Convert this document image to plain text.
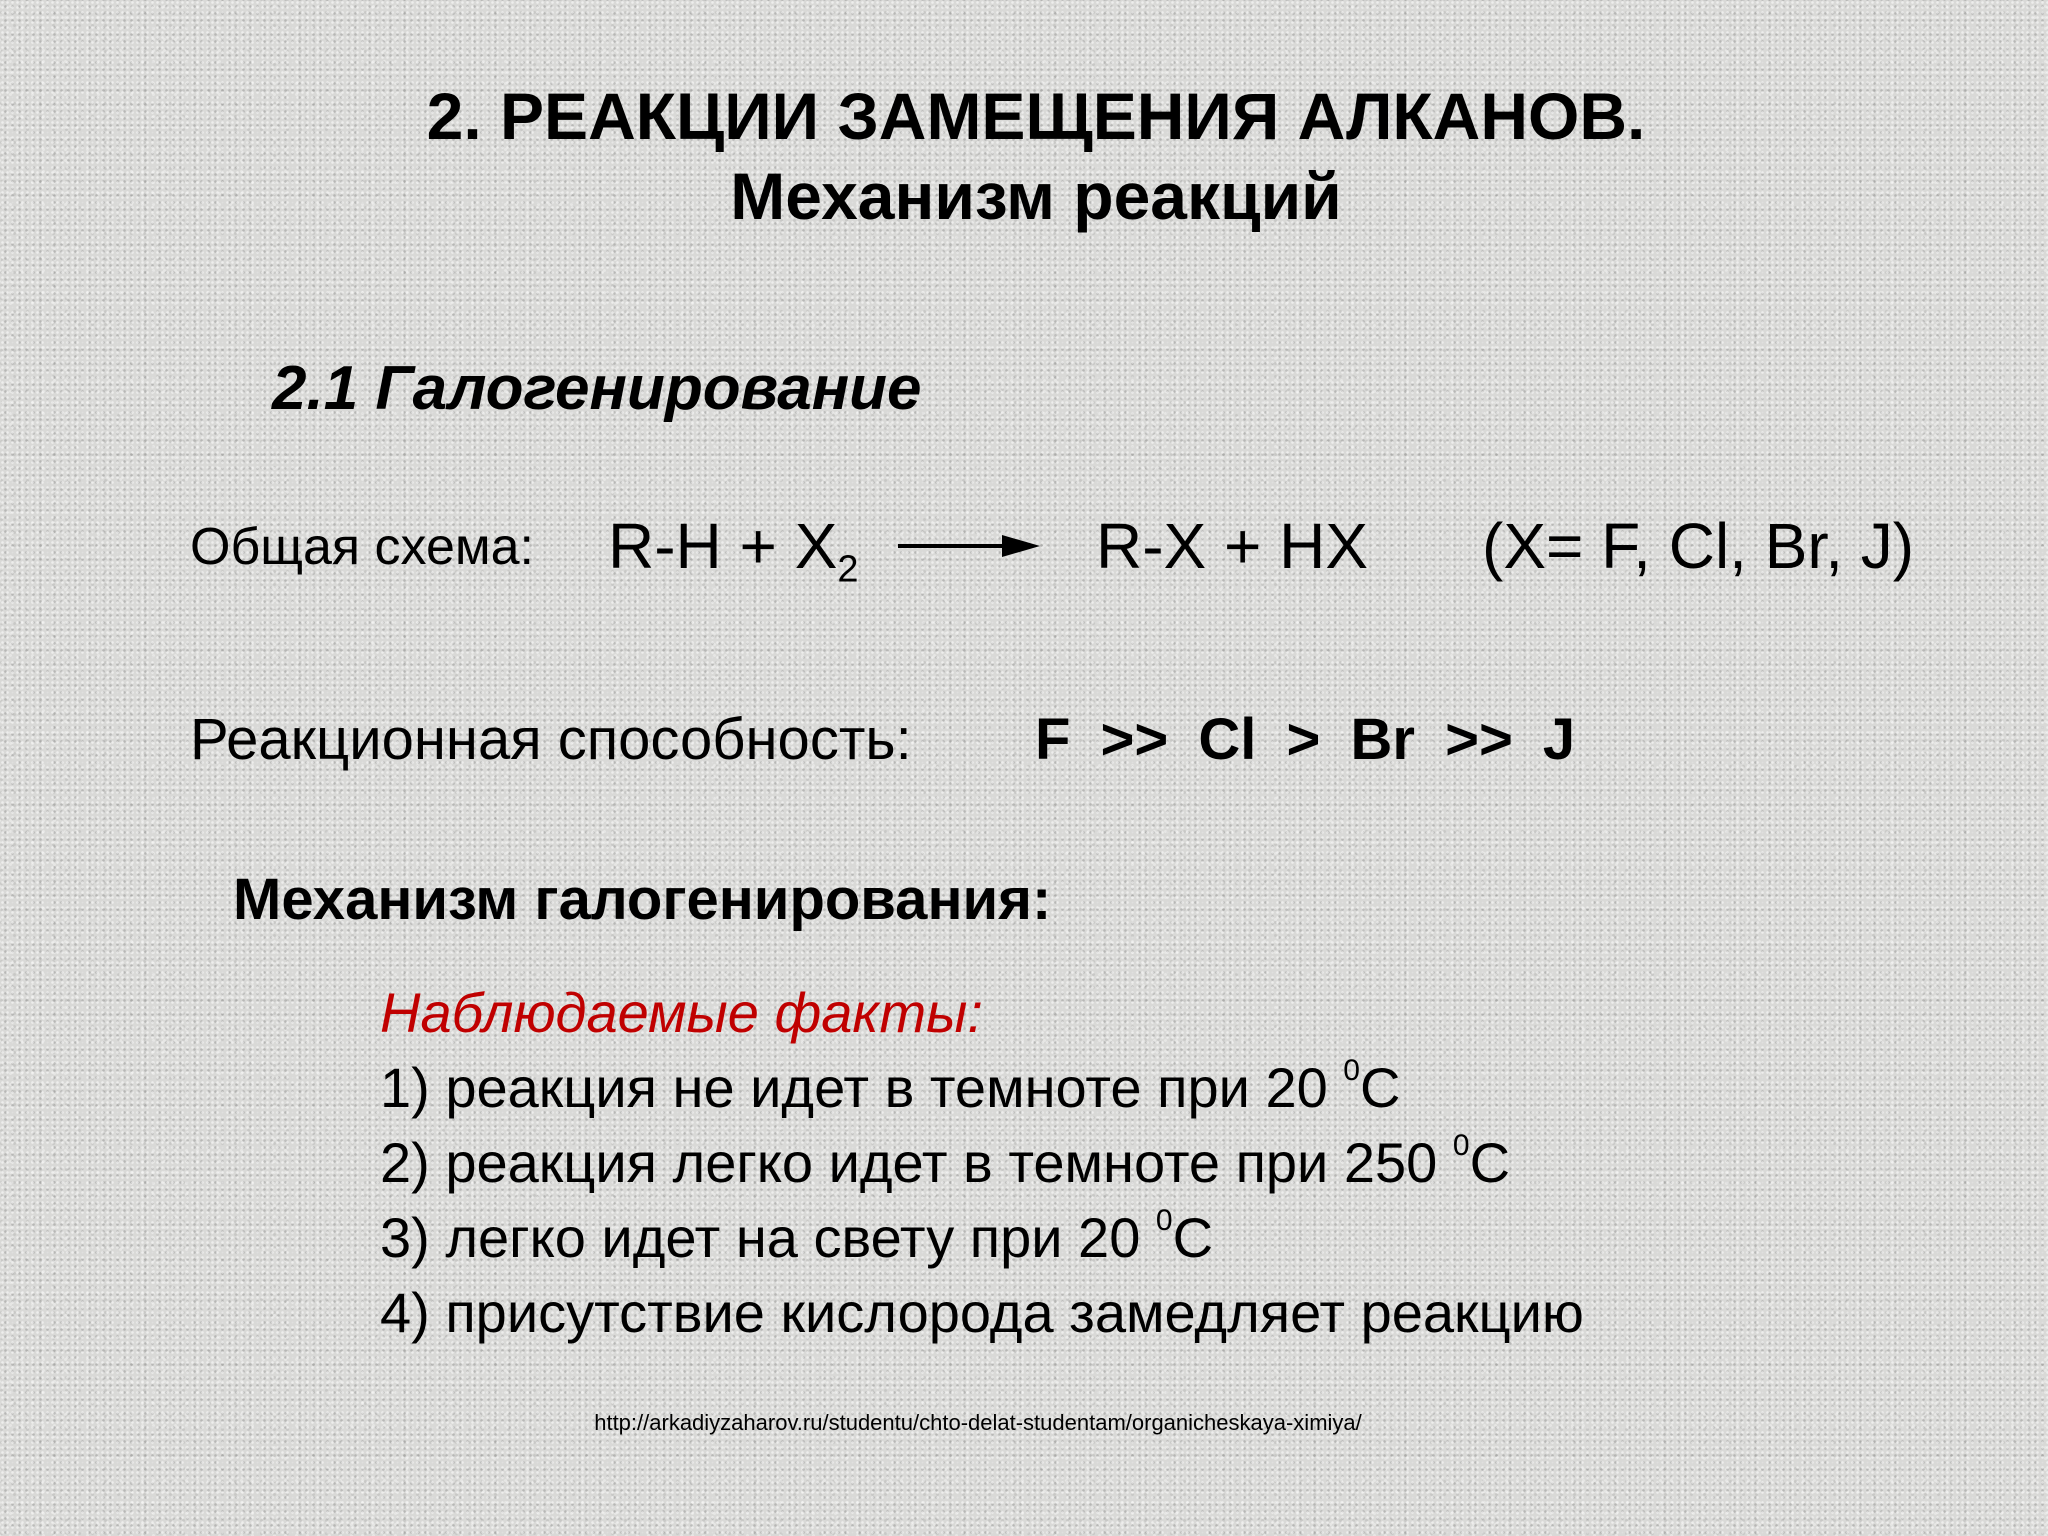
2. РЕАКЦИИ ЗАМЕЩЕНИЯ АЛКАНОВ.
Механизм реакций
2.1 Галогенирование
Общая схема: $R-H + X_2$	R-X + HX (X= F, Cl, Br, J)
Реакционная способность: F >> Cl > Br >> J
Механизм галогенирования:
Наблюдаемые факты:
1) реакция не идет в темноте при 20 $^0$C
2) реакция легко идет в темноте при 250 $^0$C
3) легко идет на свету при 20 $^0$C
4) присутствие кислорода замедляет реакцию
http://arkadiyzaharov.ru/studentu/chto-delat-studentam/organicheskaya-ximiya/
